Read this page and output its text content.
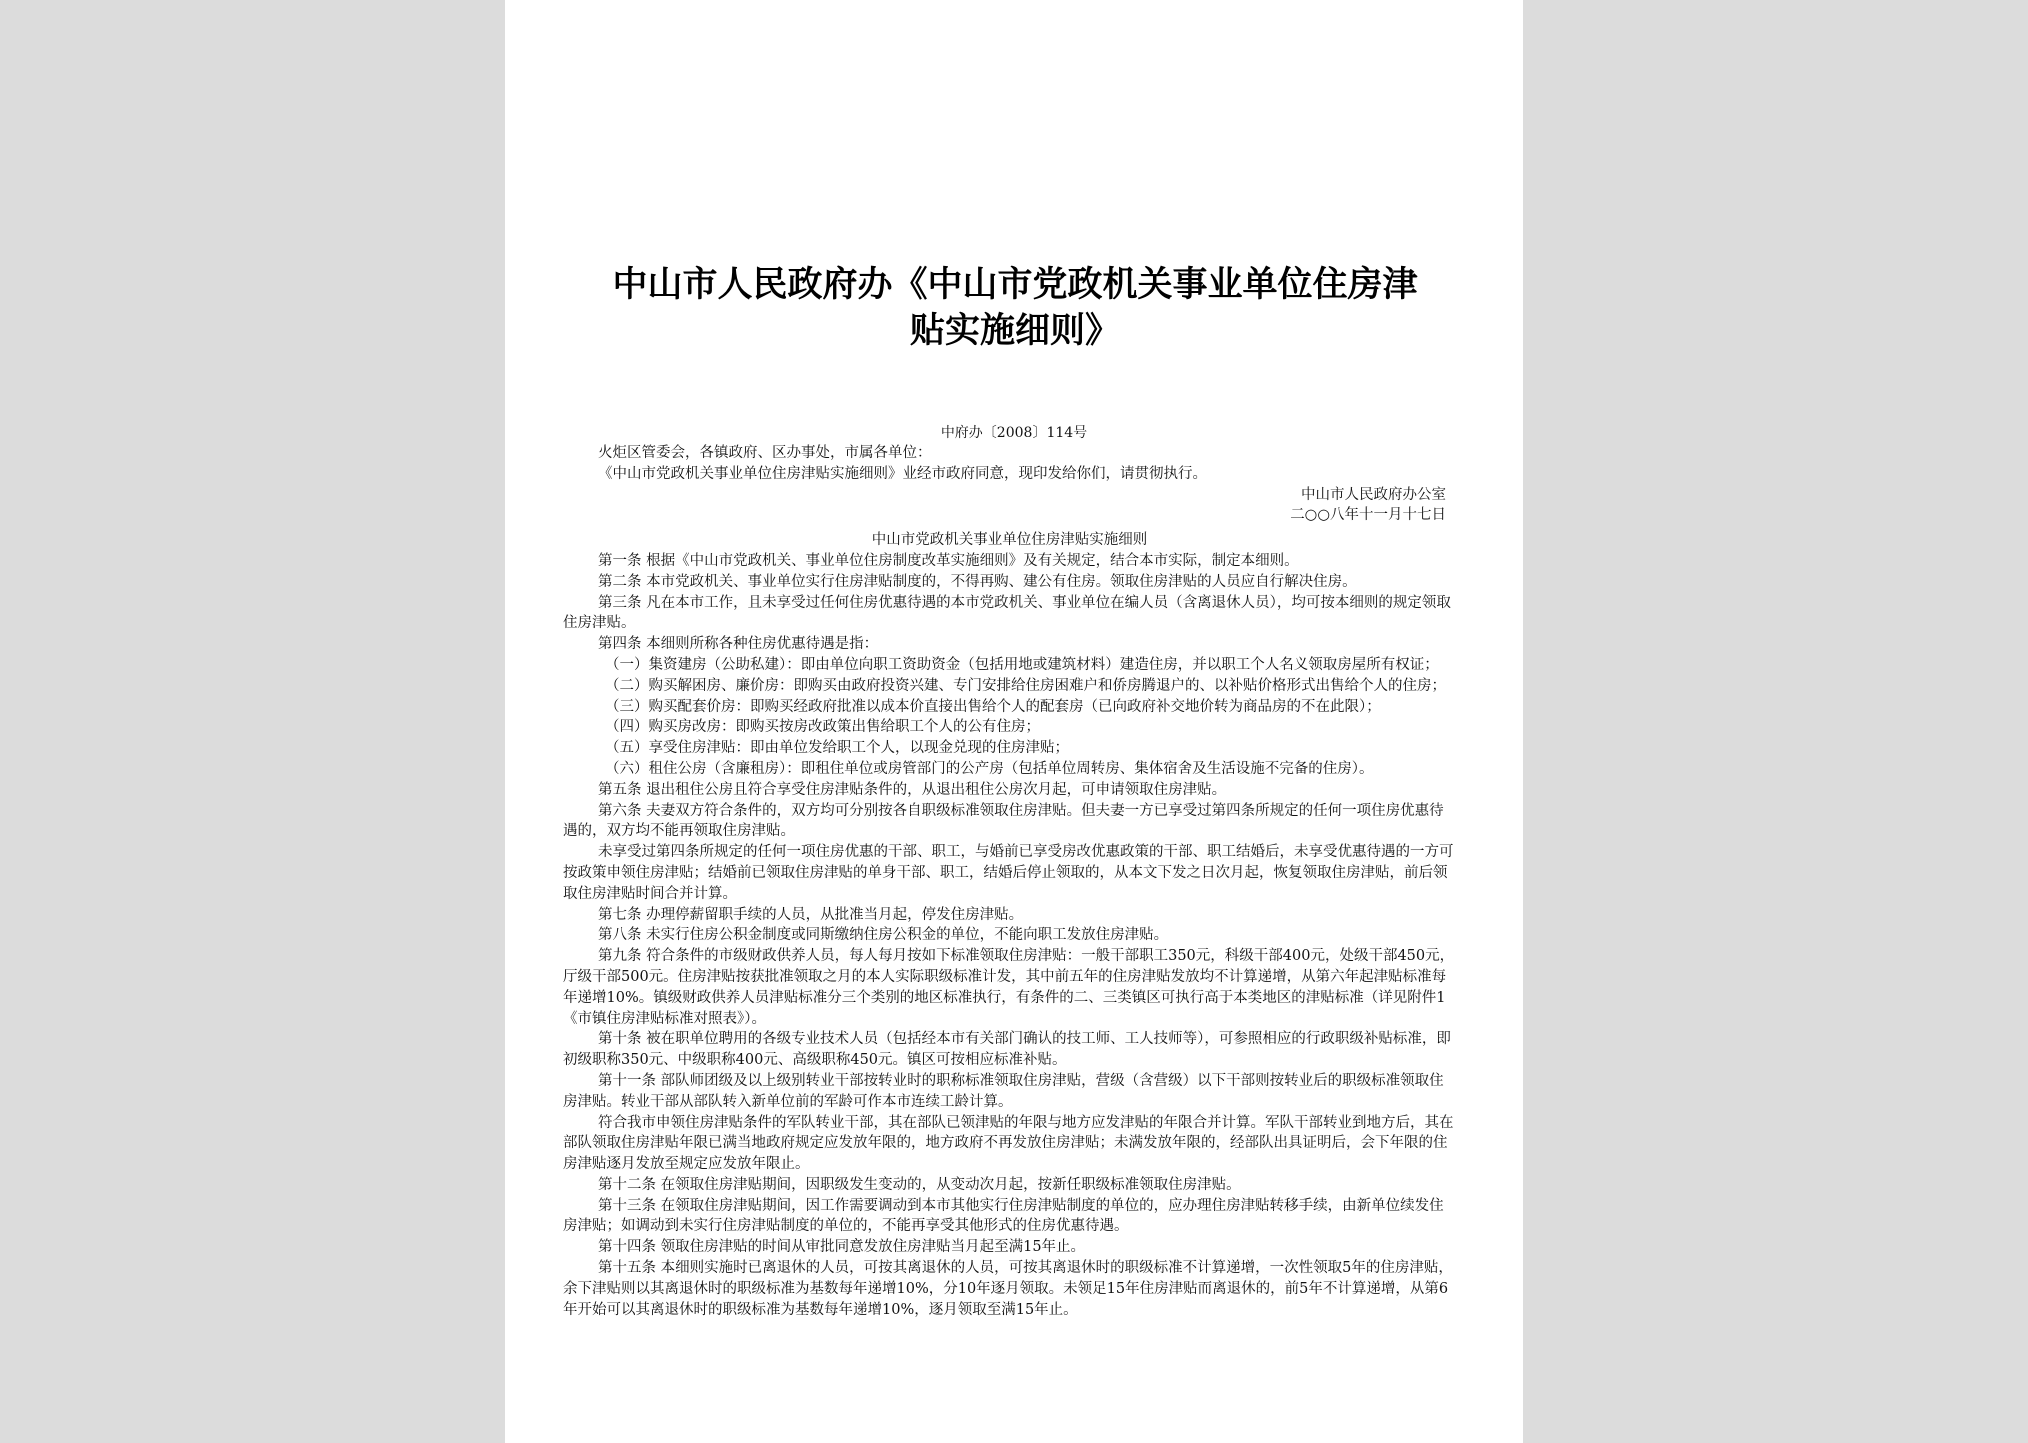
中山市人民政府办《中山市党政机关事业单位住房津
贴实施细则》
中府办〔2008〕114号

火炬区管委会，各镇政府、区办事处，市属各单位：

《中山市党政机关事业单位住房津贴实施细则》业经市政府同意，现印发给你们，请贯彻执行。

中山市人民政府办公室

二○○八年十一月十七日

中山市党政机关事业单位住房津贴实施细则

第一条 根据《中山市党政机关、事业单位住房制度改革实施细则》及有关规定，结合本市实际，制定本细则。

第二条 本市党政机关、事业单位实行住房津贴制度的，不得再购、建公有住房。领取住房津贴的人员应自行解决住房。

第三条 凡在本市工作，且未享受过任何住房优惠待遇的本市党政机关、事业单位在编人员（含离退休人员），均可按本细则的规定领取住房津贴。

第四条 本细则所称各种住房优惠待遇是指：

（一）集资建房（公助私建）：即由单位向职工资助资金（包括用地或建筑材料）建造住房，并以职工个人名义领取房屋所有权证；

（二）购买解困房、廉价房：即购买由政府投资兴建、专门安排给住房困难户和侨房腾退户的、以补贴价格形式出售给个人的住房；

（三）购买配套价房：即购买经政府批准以成本价直接出售给个人的配套房（已向政府补交地价转为商品房的不在此限）；

（四）购买房改房：即购买按房改政策出售给职工个人的公有住房；

（五）享受住房津贴：即由单位发给职工个人，以现金兑现的住房津贴；

（六）租住公房（含廉租房）：即租住单位或房管部门的公产房（包括单位周转房、集体宿舍及生活设施不完备的住房）。

第五条 退出租住公房且符合享受住房津贴条件的，从退出租住公房次月起，可申请领取住房津贴。

第六条 夫妻双方符合条件的，双方均可分别按各自职级标准领取住房津贴。但夫妻一方已享受过第四条所规定的任何一项住房优惠待遇的，双方均不能再领取住房津贴。

未享受过第四条所规定的任何一项住房优惠的干部、职工，与婚前已享受房改优惠政策的干部、职工结婚后，未享受优惠待遇的一方可按政策申领住房津贴；结婚前已领取住房津贴的单身干部、职工，结婚后停止领取的，从本文下发之日次月起，恢复领取住房津贴，前后领取住房津贴时间合并计算。

第七条 办理停薪留职手续的人员，从批准当月起，停发住房津贴。

第八条 未实行住房公积金制度或同斯缴纳住房公积金的单位，不能向职工发放住房津贴。

第九条 符合条件的市级财政供养人员，每人每月按如下标准领取住房津贴：一般干部职工350元，科级干部400元，处级干部450元，厅级干部500元。住房津贴按获批准领取之月的本人实际职级标准计发，其中前五年的住房津贴发放均不计算递增，从第六年起津贴标准每年递增10%。镇级财政供养人员津贴标准分三个类别的地区标准执行，有条件的二、三类镇区可执行高于本类地区的津贴标准（详见附件1《市镇住房津贴标准对照表》）。

第十条 被在职单位聘用的各级专业技术人员（包括经本市有关部门确认的技工师、工人技师等），可参照相应的行政职级补贴标准，即初级职称350元、中级职称400元、高级职称450元。镇区可按相应标准补贴。

第十一条 部队师团级及以上级别转业干部按转业时的职称标准领取住房津贴，营级（含营级）以下干部则按转业后的职级标准领取住房津贴。转业干部从部队转入新单位前的军龄可作本市连续工龄计算。

符合我市申领住房津贴条件的军队转业干部，其在部队已领津贴的年限与地方应发津贴的年限合并计算。军队干部转业到地方后，其在部队领取住房津贴年限已满当地政府规定应发放年限的，地方政府不再发放住房津贴；未满发放年限的，经部队出具证明后，会下年限的住房津贴逐月发放至规定应发放年限止。

第十二条 在领取住房津贴期间，因职级发生变动的，从变动次月起，按新任职级标准领取住房津贴。

第十三条 在领取住房津贴期间，因工作需要调动到本市其他实行住房津贴制度的单位的，应办理住房津贴转移手续，由新单位续发住房津贴；如调动到未实行住房津贴制度的单位的，不能再享受其他形式的住房优惠待遇。

第十四条 领取住房津贴的时间从审批同意发放住房津贴当月起至满15年止。

第十五条 本细则实施时已离退休的人员，可按其离退休的人员，可按其离退休时的职级标准不计算递增，一次性领取5年的住房津贴，余下津贴则以其离退休时的职级标准为基数每年递增10%，分10年逐月领取。未领足15年住房津贴而离退休的，前5年不计算递增，从第6年开始可以其离退休时的职级标准为基数每年递增10%，逐月领取至满15年止。
